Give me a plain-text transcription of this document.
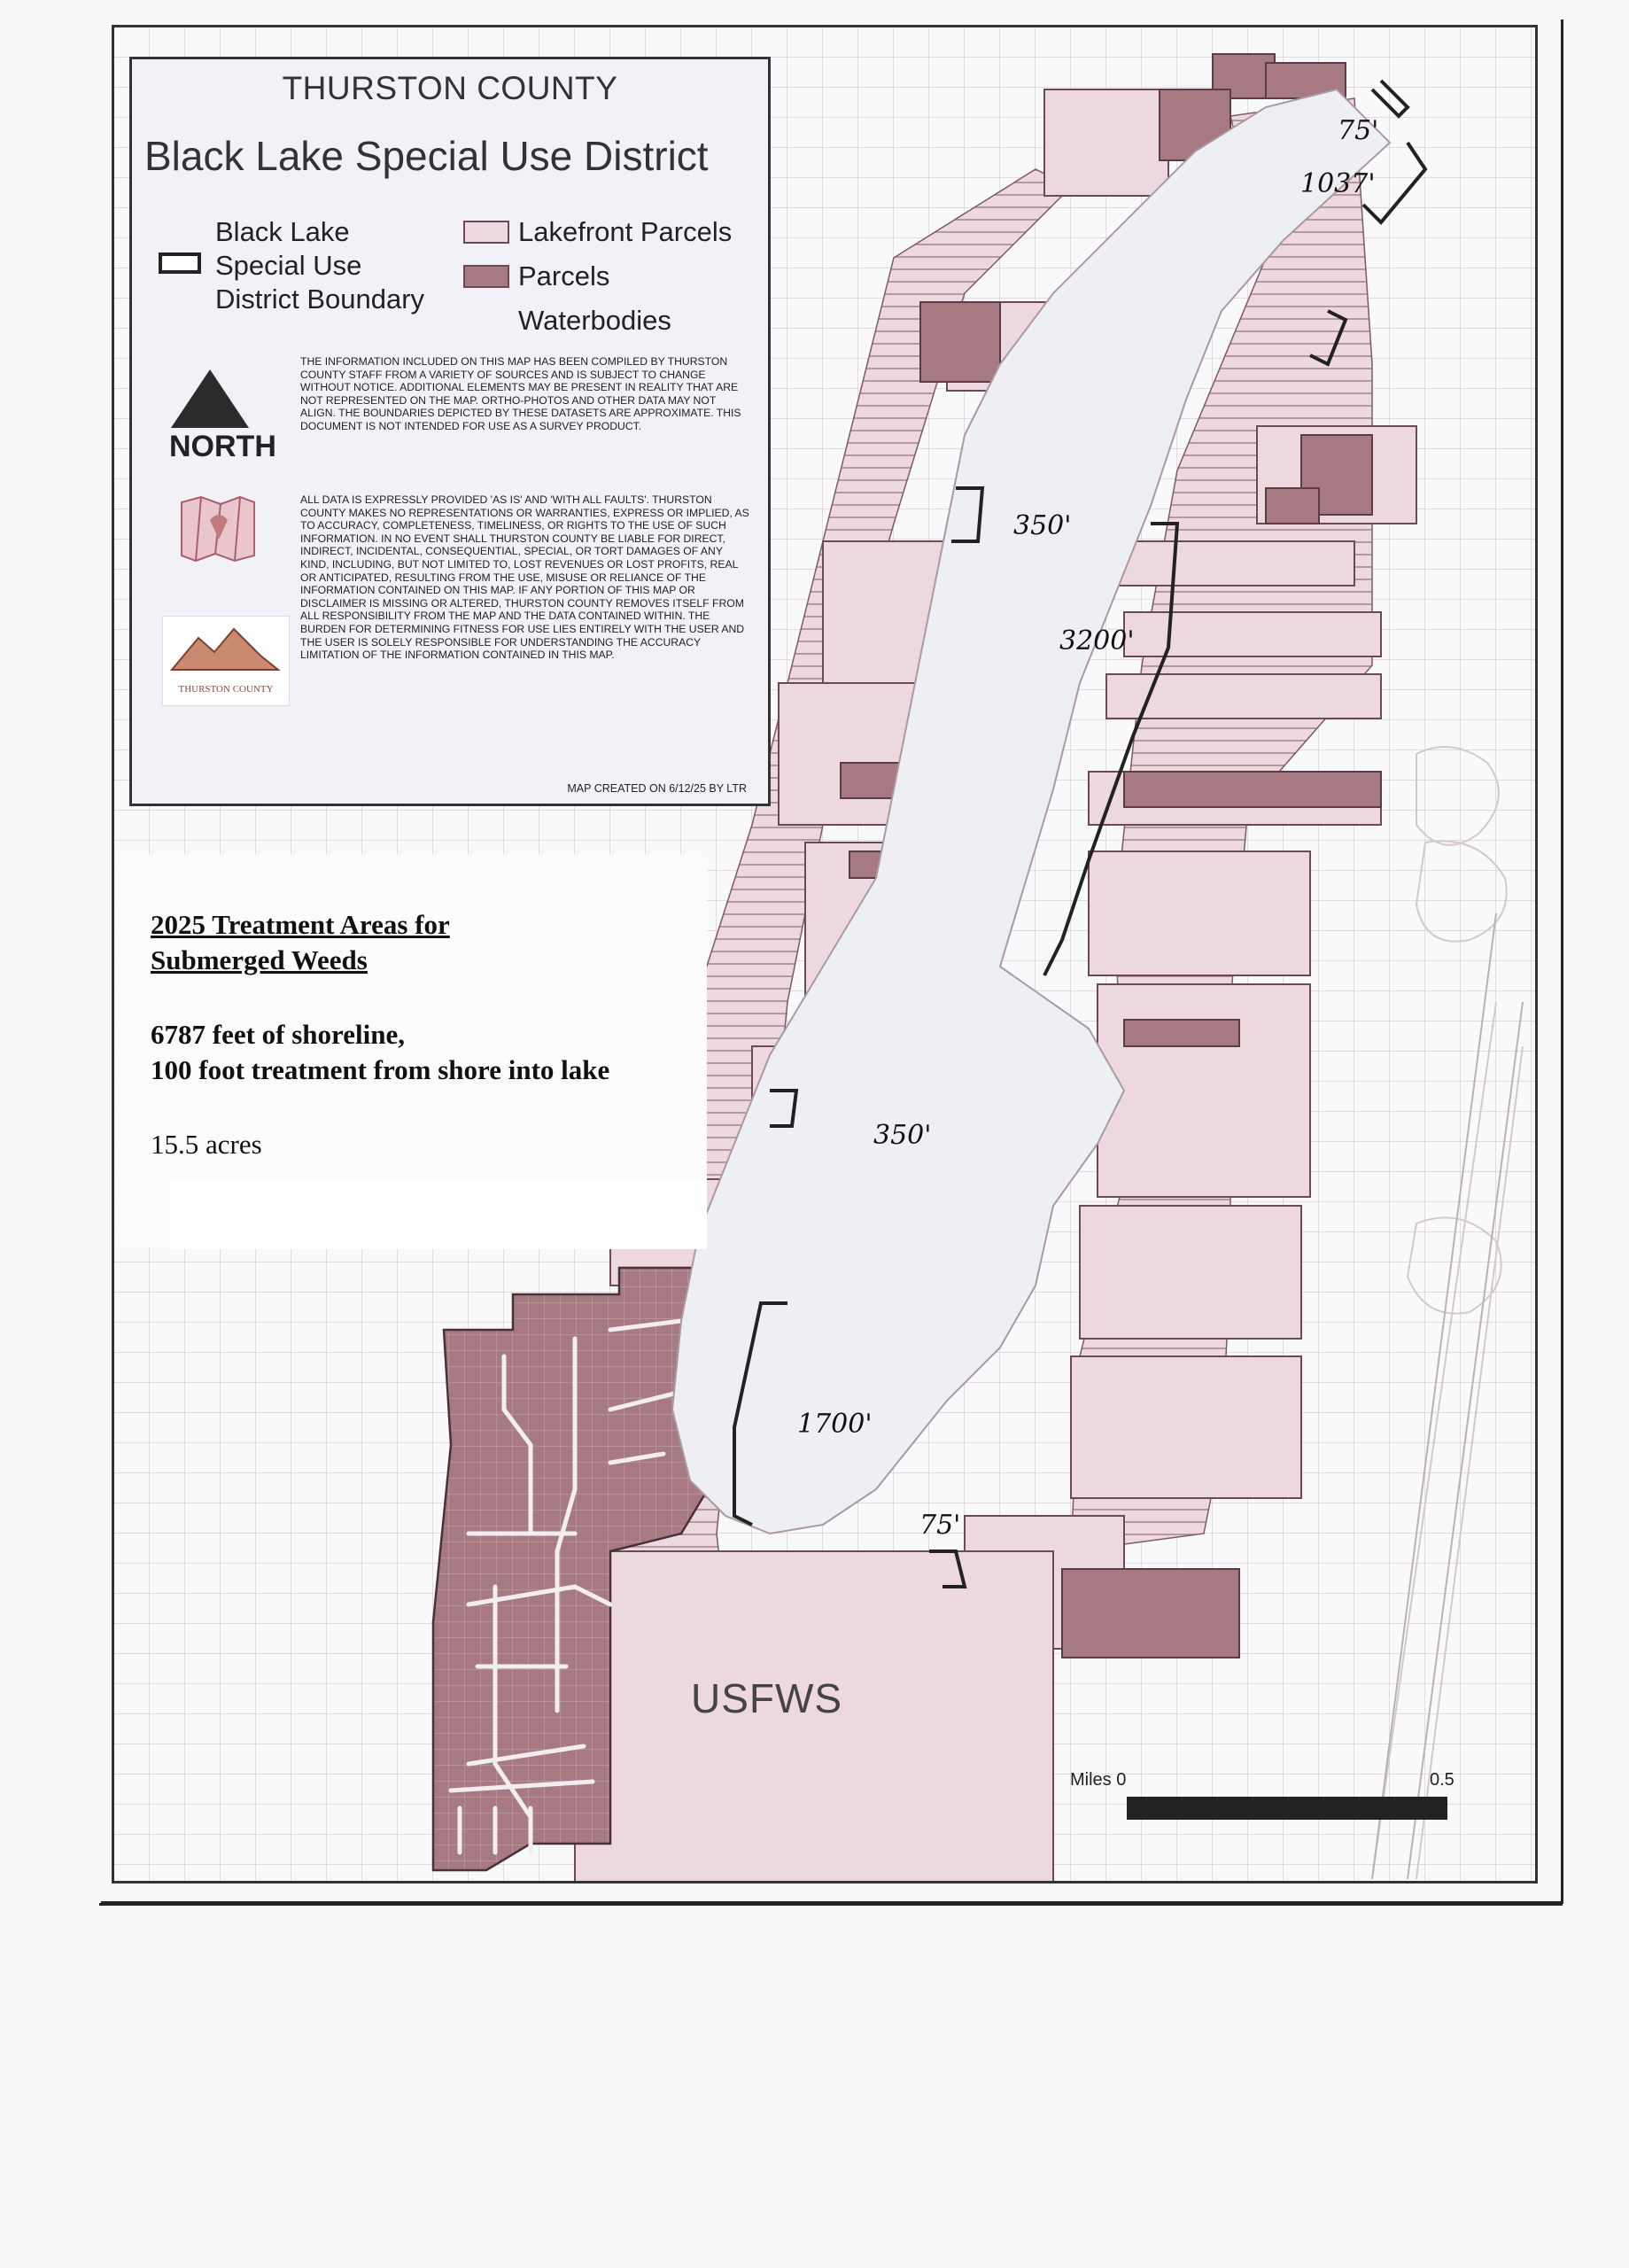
THURSTON COUNTY
Black Lake Special Use District
Black Lake
Special Use
District Boundary
Lakefront Parcels
Parcels
Waterbodies
NORTH
THE INFORMATION INCLUDED ON THIS MAP HAS BEEN COMPILED BY THURSTON COUNTY STAFF FROM A VARIETY OF SOURCES AND IS SUBJECT TO CHANGE WITHOUT NOTICE. ADDITIONAL ELEMENTS MAY BE PRESENT IN REALITY THAT ARE NOT REPRESENTED ON THE MAP. ORTHO-PHOTOS AND OTHER DATA MAY NOT ALIGN. THE BOUNDARIES DEPICTED BY THESE DATASETS ARE APPROXIMATE. THIS DOCUMENT IS NOT INTENDED FOR USE AS A SURVEY PRODUCT.
ALL DATA IS EXPRESSLY PROVIDED 'AS IS' AND 'WITH ALL FAULTS'. THURSTON COUNTY MAKES NO REPRESENTATIONS OR WARRANTIES, EXPRESS OR IMPLIED, AS TO ACCURACY, COMPLETENESS, TIMELINESS, OR RIGHTS TO THE USE OF SUCH INFORMATION. IN NO EVENT SHALL THURSTON COUNTY BE LIABLE FOR DIRECT, INDIRECT, INCIDENTAL, CONSEQUENTIAL, SPECIAL, OR TORT DAMAGES OF ANY KIND, INCLUDING, BUT NOT LIMITED TO, LOST REVENUES OR LOST PROFITS, REAL OR ANTICIPATED, RESULTING FROM THE USE, MISUSE OR RELIANCE OF THE INFORMATION CONTAINED ON THIS MAP. IF ANY PORTION OF THIS MAP OR DISCLAIMER IS MISSING OR ALTERED, THURSTON COUNTY REMOVES ITSELF FROM ALL RESPONSIBILITY FROM THE MAP AND THE DATA CONTAINED WITHIN. THE BURDEN FOR DETERMINING FITNESS FOR USE LIES ENTIRELY WITH THE USER AND THE USER IS SOLELY RESPONSIBLE FOR UNDERSTANDING THE ACCURACY LIMITATION OF THE INFORMATION CONTAINED IN THIS MAP.
THURSTON COUNTY
MAP CREATED ON 6/12/25 BY LTR
2025 Treatment Areas for
Submerged Weeds
6787 feet of shoreline,
100 foot treatment from shore into lake
15.5 acres
75'
1037'
350'
3200'
350'
1700'
75'
USFWS
Miles 0	0.5
